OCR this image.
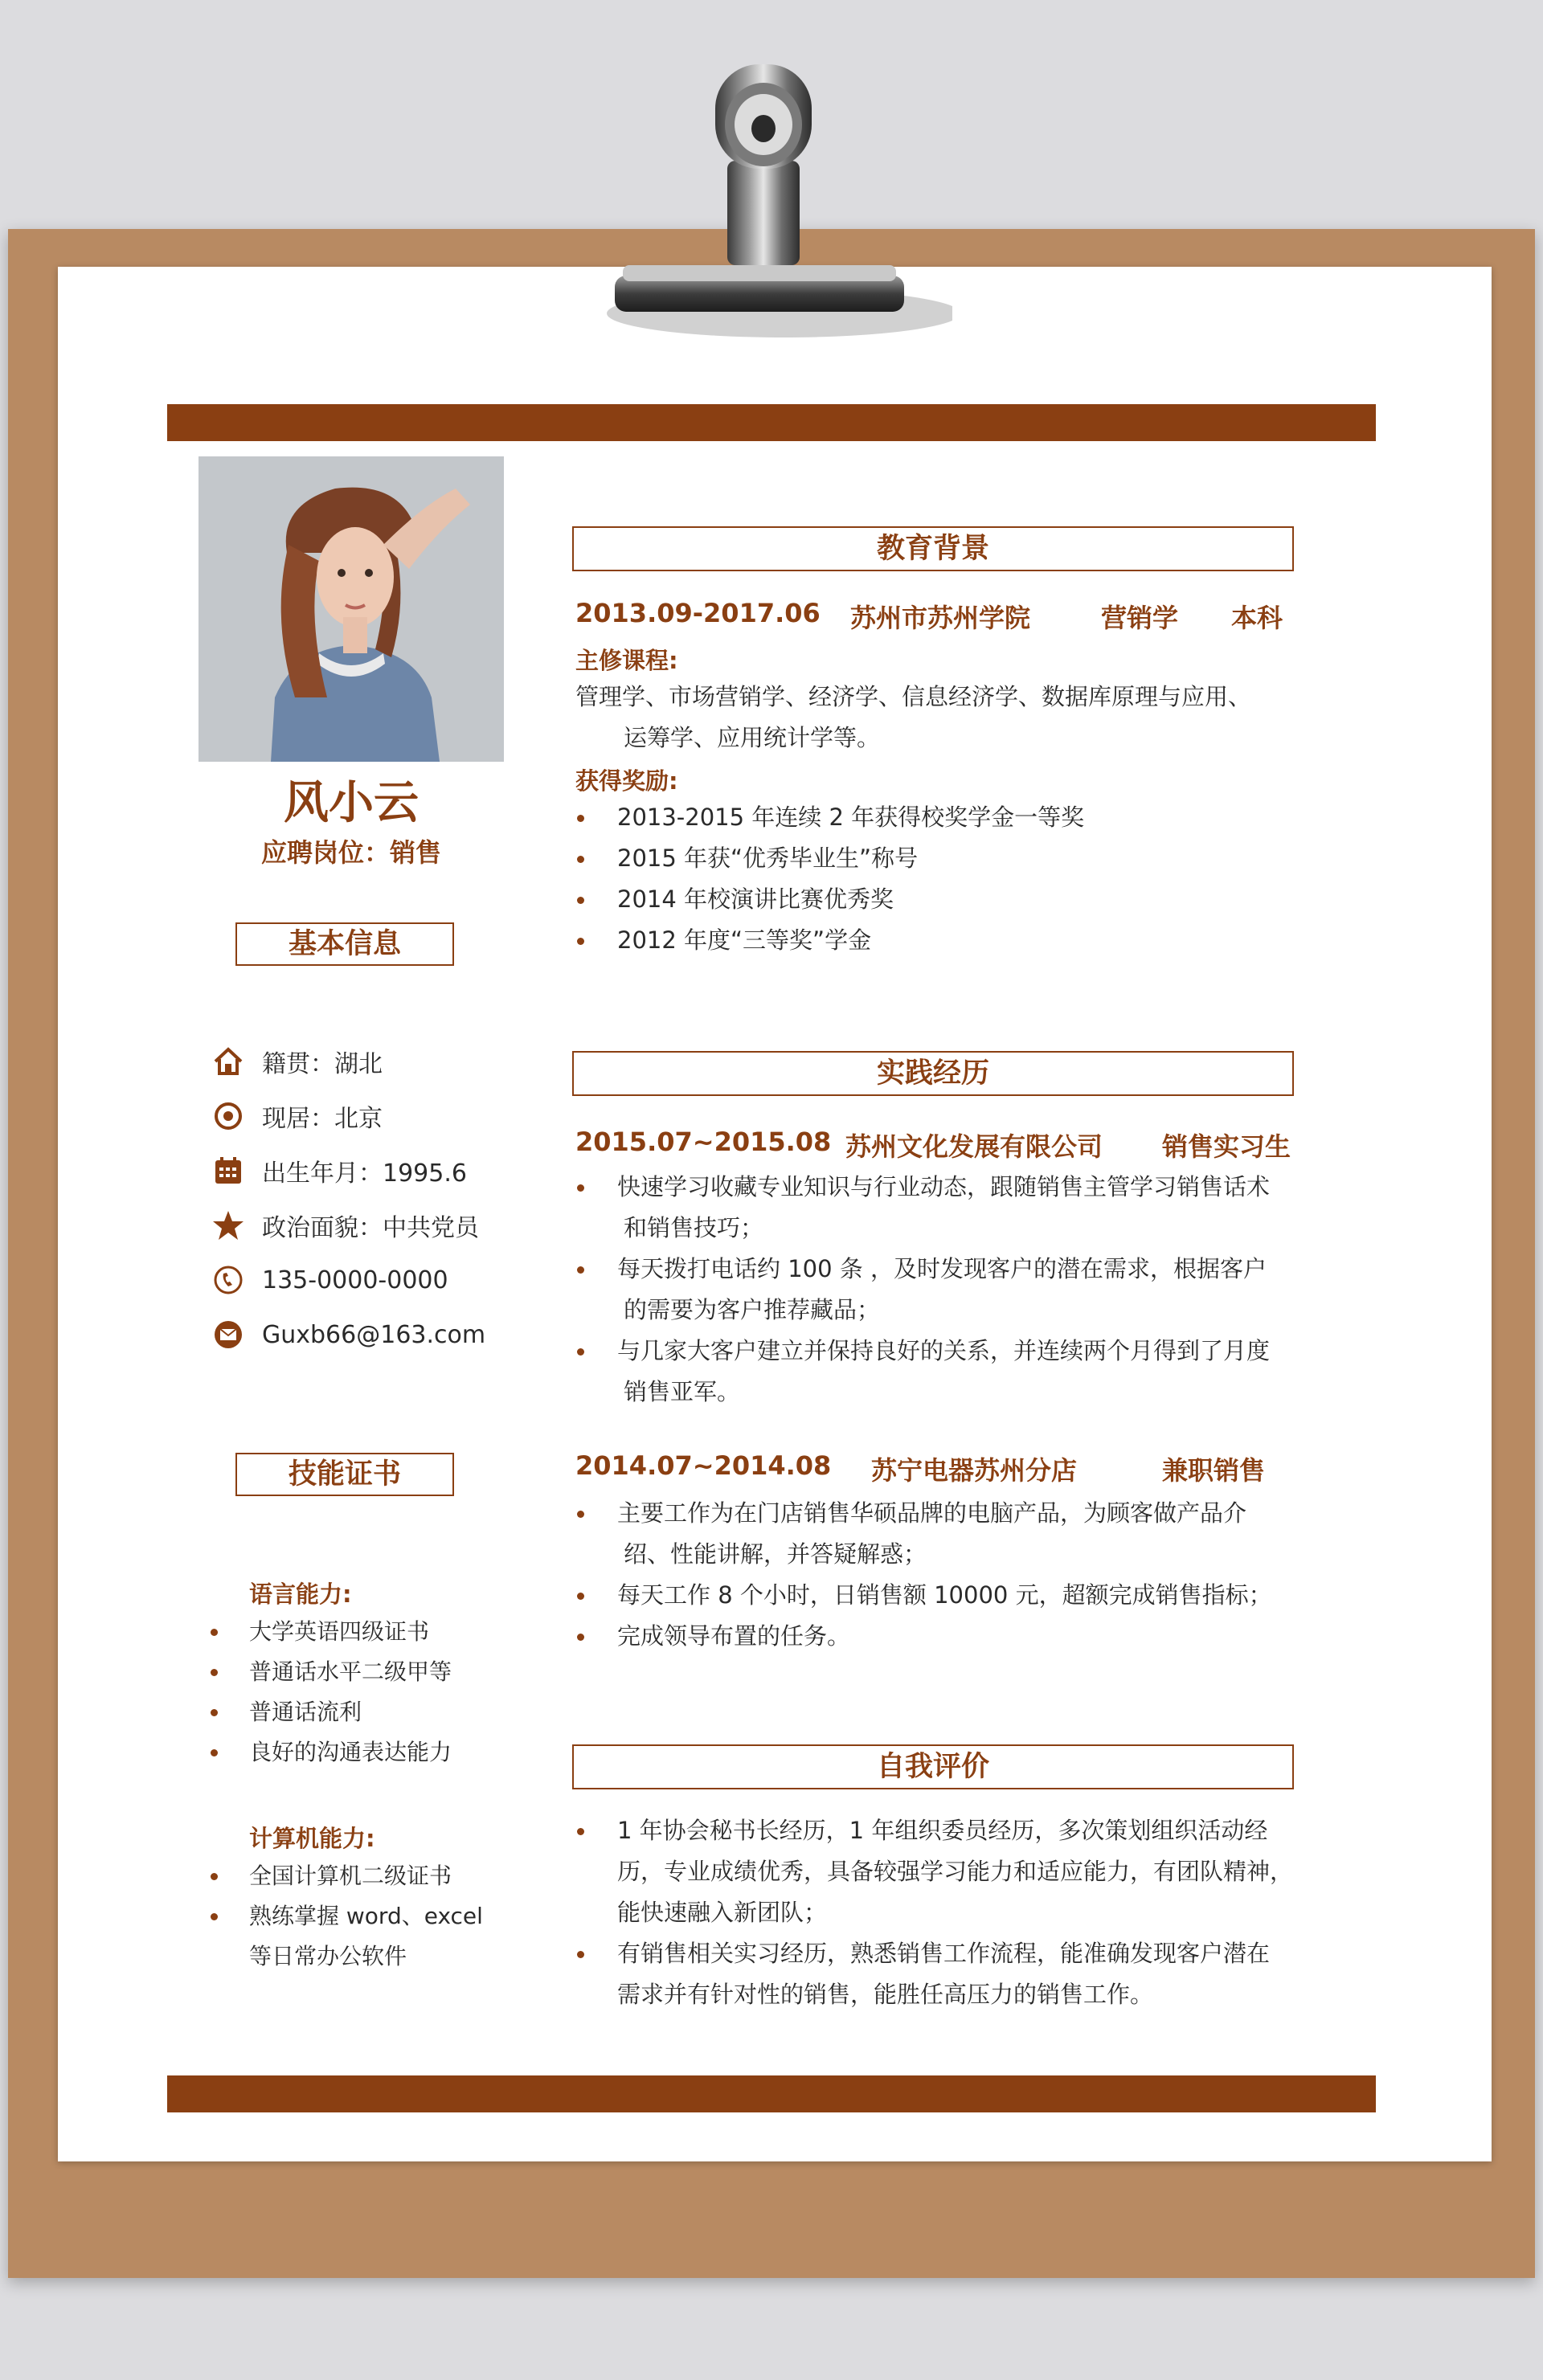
风小云
应聘岗位：销售
基本信息
籍贯：湖北
现居：北京
出生年月：1995.6
政治面貌：中共党员
135-0000-0000
Guxb66@163.com
技能证书
语言能力:
大学英语四级证书
普通话水平二级甲等
普通话流利
良好的沟通表达能力
计算机能力:
全国计算机二级证书
熟练掌握 word、excel
等日常办公软件
教育背景
2013.09-2017.06 苏州市苏州学院	营销学 本科
主修课程:
管理学、市场营销学、经济学、信息经济学、数据库原理与应用、
运筹学、应用统计学等。
获得奖励:
2013-2015 年连续 2 年获得校奖学金一等奖
2015 年获“优秀毕业生”称号
2014 年校演讲比赛优秀奖
2012 年度“三等奖”学金
实践经历
2015.07~2015.08 苏州文化发展有限公司 销售实习生
快速学习收藏专业知识与行业动态，跟随销售主管学习销售话术
和销售技巧；
每天拨打电话约 100 条 ，及时发现客户的潜在需求，根据客户
的需要为客户推荐藏品；
与几家大客户建立并保持良好的关系，并连续两个月得到了月度
销售亚军。
2014.07~2014.08 苏宁电器苏州分店	兼职销售
主要工作为在门店销售华硕品牌的电脑产品，为顾客做产品介
绍、性能讲解，并答疑解惑；
每天工作 8 个小时，日销售额 10000 元，超额完成销售指标；
完成领导布置的任务。
自我评价
1 年协会秘书长经历，1 年组织委员经历，多次策划组织活动经
历，专业成绩优秀，具备较强学习能力和适应能力，有团队精神，
能快速融入新团队；
有销售相关实习经历，熟悉销售工作流程，能准确发现客户潜在
需求并有针对性的销售，能胜任高压力的销售工作。
